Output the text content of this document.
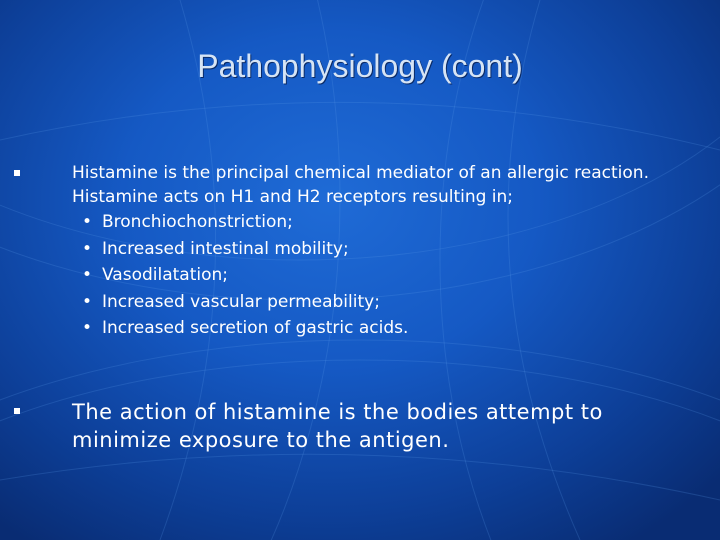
Pathophysiology (cont)
Histamine is the principal chemical mediator of an allergic reaction. Histamine acts on H1 and H2 receptors resulting in;
• Bronchiochonstriction;
• Increased intestinal mobility;
• Vasodilatation;
• Increased vascular permeability;
• Increased secretion of gastric acids.
The action of histamine is the bodies attempt to minimize exposure to the antigen.
